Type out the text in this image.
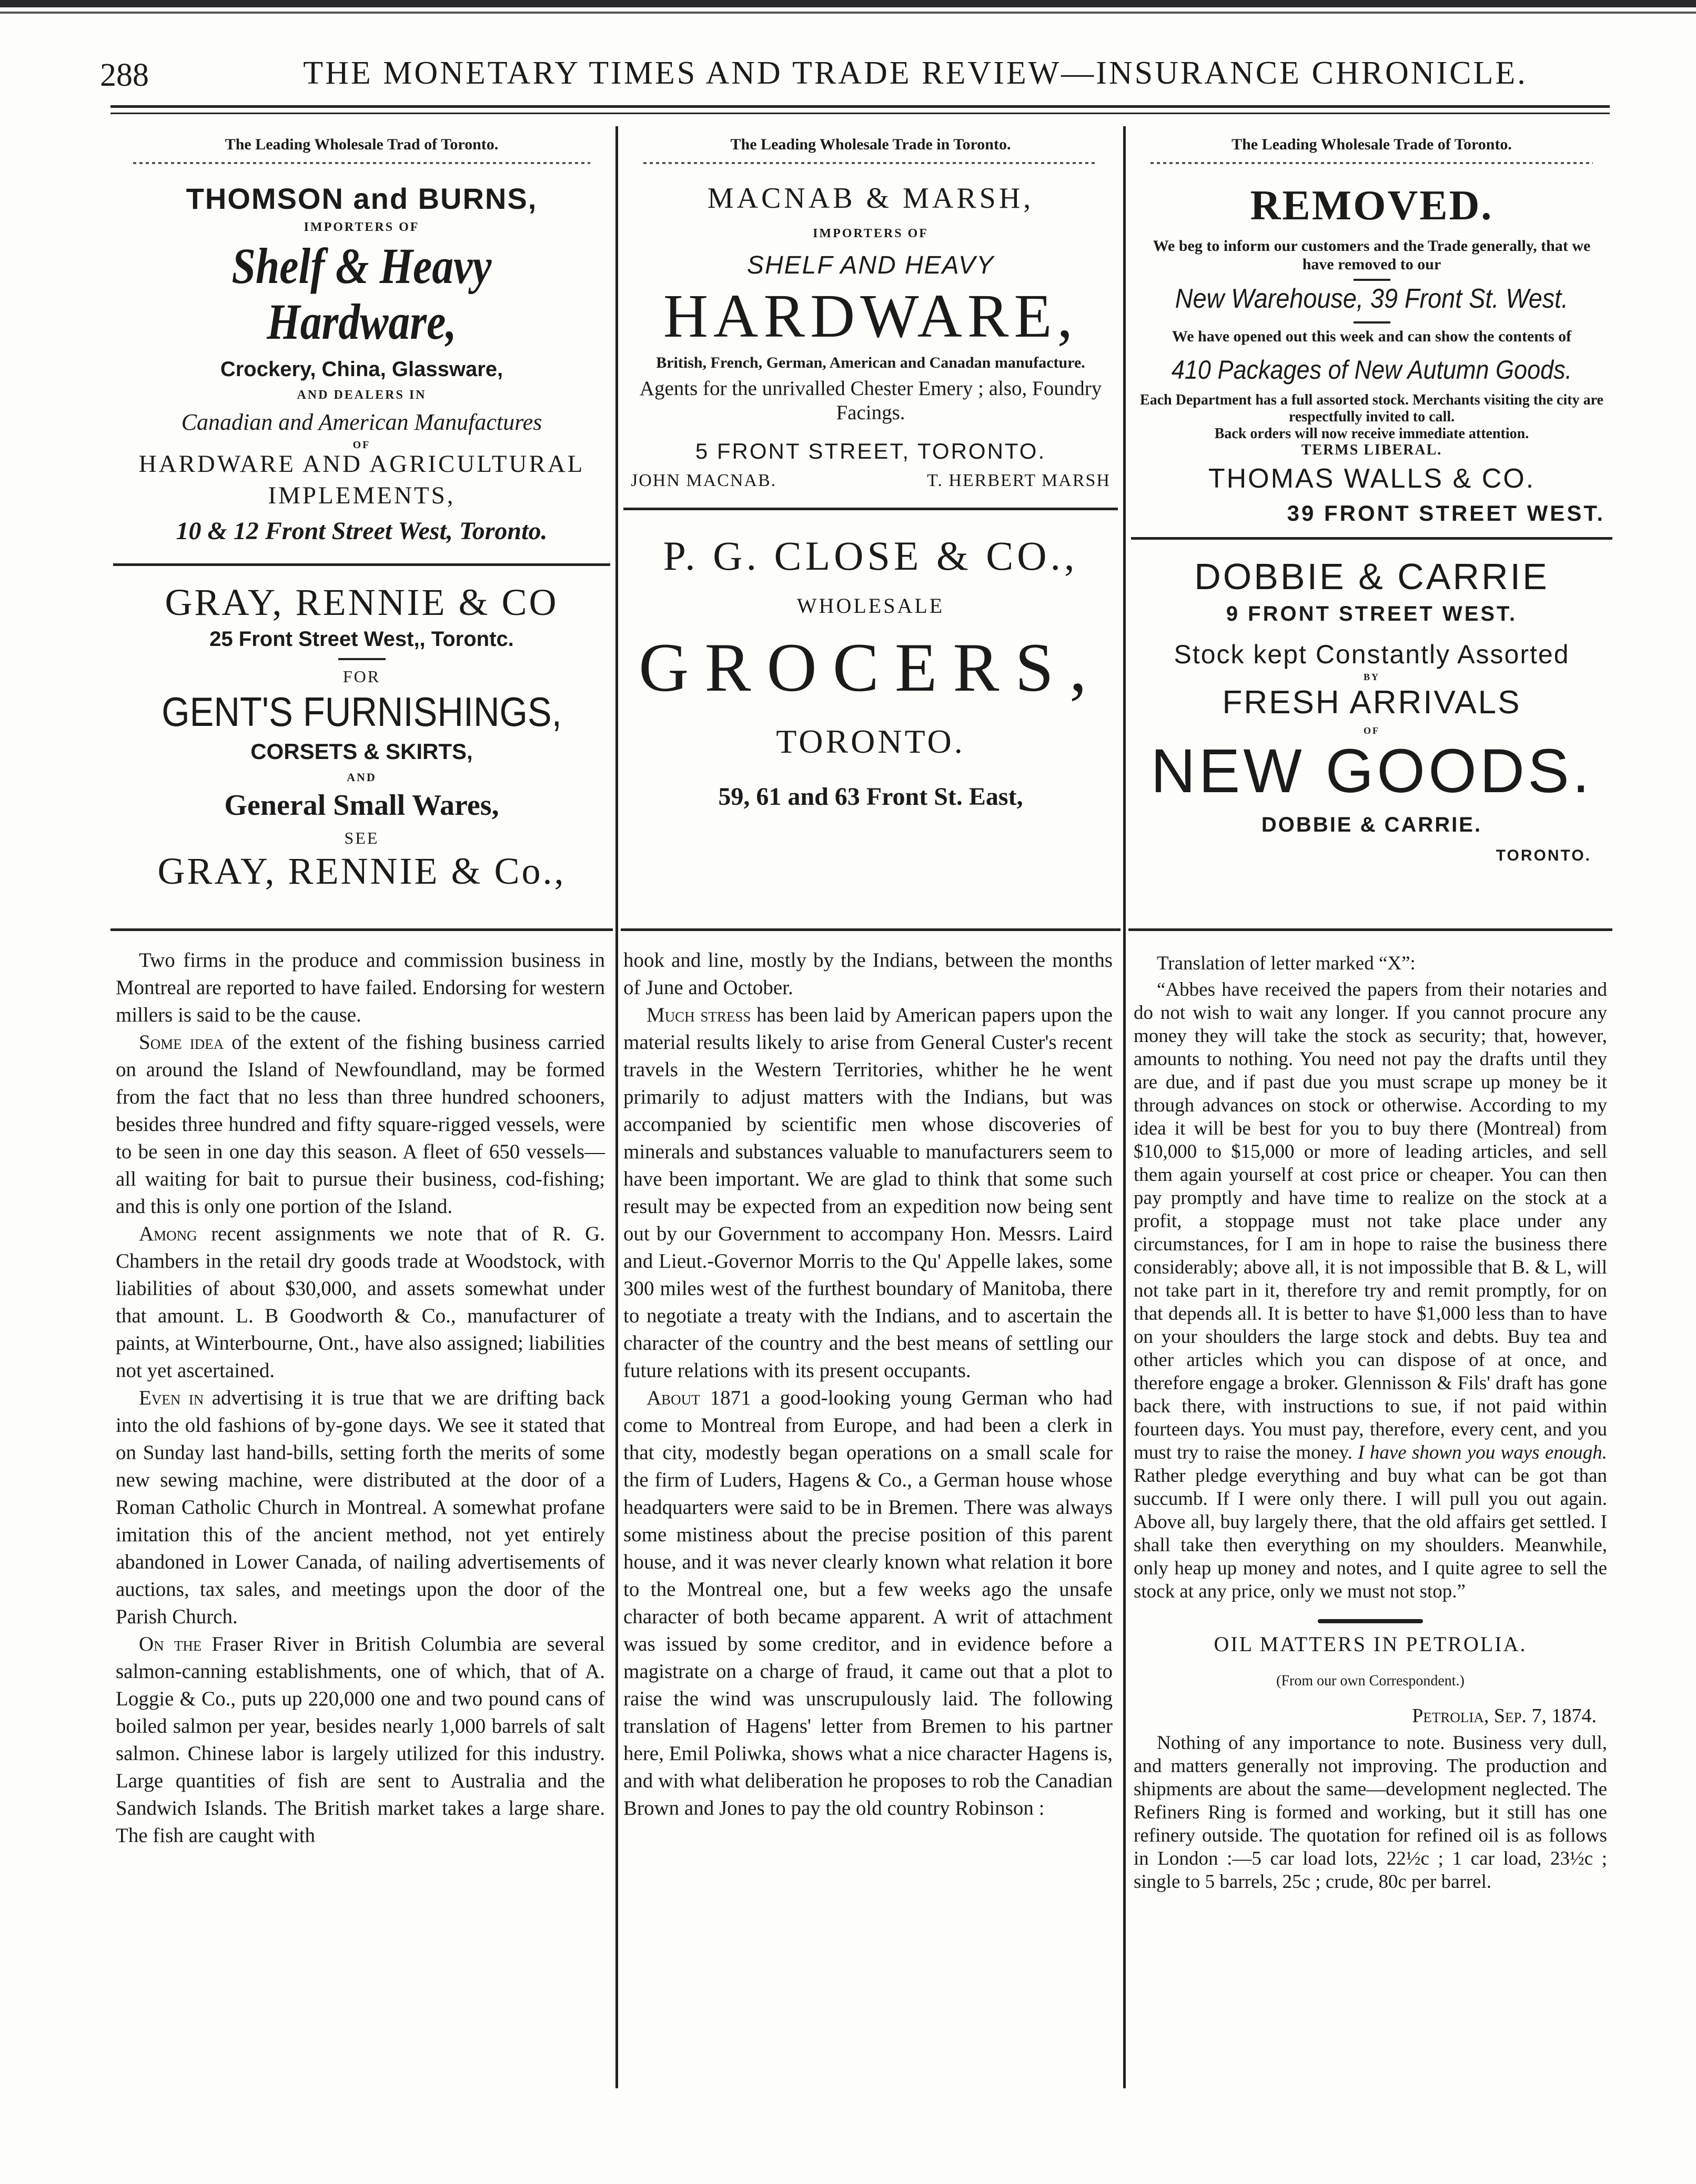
288	THE MONETARY TIMES AND TRADE REVIEW—INSURANCE CHRONICLE.
The Leading Wholesale Trad of Toronto.
THOMSON and BURNS,
IMPORTERS OF
Shelf & Heavy Hardware,
Crockery, China, Glassware,
AND DEALERS IN
Canadian and American Manufactures
OF
HARDWARE AND AGRICULTURAL
IMPLEMENTS,
10 & 12 Front Street West, Toronto.
GRAY, RENNIE & CO
25 Front Street West,, Torontc.
FOR
GENT'S FURNISHINGS,
CORSETS & SKIRTS,
AND
General Small Wares,
SEE
GRAY, RENNIE & Co.,
The Leading Wholesale Trade in Toronto.
MACNAB & MARSH,
IMPORTERS OF
SHELF AND HEAVY
HARDWARE,
British, French, German, American and Canadan manufacture.
Agents for the unrivalled Chester Emery ; also, Foundry Facings.
5 FRONT STREET, TORONTO.
JOHN MACNAB.	T. HERBERT MARSH
P. G. CLOSE & CO.,
WHOLESALE
GROCERS,
TORONTO.
59, 61 and 63 Front St. East,
The Leading Wholesale Trade of Toronto.
REMOVED.
We beg to inform our customers and the Trade generally, that we have removed to our
New Warehouse, 39 Front St. West.
We have opened out this week and can show the contents of
410 Packages of New Autumn Goods.
Each Department has a full assorted stock. Merchants visiting the city are respectfully invited to call.
Back orders will now receive immediate attention.
TERMS LIBERAL.
THOMAS WALLS & CO.
39 FRONT STREET WEST.
DOBBIE & CARRIE
9 FRONT STREET WEST.
Stock kept Constantly Assorted
BY
FRESH ARRIVALS
OF
NEW GOODS.
DOBBIE & CARRIE.
TORONTO.

Two firms in the produce and commission business in Montreal are reported to have failed. Endorsing for western millers is said to be the cause.

Some idea of the extent of the fishing business carried on around the Island of Newfoundland, may be formed from the fact that no less than three hundred schooners, besides three hundred and fifty square-rigged vessels, were to be seen in one day this season. A fleet of 650 vessels—all waiting for bait to pursue their business, cod-fishing; and this is only one portion of the Island.

Among recent assignments we note that of R. G. Chambers in the retail dry goods trade at Woodstock, with liabilities of about $30,000, and assets somewhat under that amount. L. B Goodworth & Co., manufacturer of paints, at Winterbourne, Ont., have also assigned; liabilities not yet ascertained.

Even in advertising it is true that we are drifting back into the old fashions of by-gone days. We see it stated that on Sunday last hand-bills, setting forth the merits of some new sewing machine, were distributed at the door of a Roman Catholic Church in Montreal. A somewhat profane imitation this of the ancient method, not yet entirely abandoned in Lower Canada, of nailing advertisements of auctions, tax sales, and meetings upon the door of the Parish Church.

On the Fraser River in British Columbia are several salmon-canning establishments, one of which, that of A. Loggie & Co., puts up 220,000 one and two pound cans of boiled salmon per year, besides nearly 1,000 barrels of salt salmon. Chinese labor is largely utilized for this industry. Large quantities of fish are sent to Australia and the Sandwich Islands. The British market takes a large share. The fish are caught with

hook and line, mostly by the Indians, between the months of June and October.

Much stress has been laid by American papers upon the material results likely to arise from General Custer's recent travels in the Western Territories, whither he he went primarily to adjust matters with the Indians, but was accompanied by scientific men whose discoveries of minerals and substances valuable to manufacturers seem to have been important. We are glad to think that some such result may be expected from an expedition now being sent out by our Government to accompany Hon. Messrs. Laird and Lieut.-Governor Morris to the Qu' Appelle lakes, some 300 miles west of the furthest boundary of Manitoba, there to negotiate a treaty with the Indians, and to ascertain the character of the country and the best means of settling our future relations with its present occupants.

About 1871 a good-looking young German who had come to Montreal from Europe, and had been a clerk in that city, modestly began operations on a small scale for the firm of Luders, Hagens & Co., a German house whose headquarters were said to be in Bremen. There was always some mistiness about the precise position of this parent house, and it was never clearly known what relation it bore to the Montreal one, but a few weeks ago the unsafe character of both became apparent. A writ of attachment was issued by some creditor, and in evidence before a magistrate on a charge of fraud, it came out that a plot to raise the wind was unscrupulously laid. The following translation of Hagens' letter from Bremen to his partner here, Emil Poliwka, shows what a nice character Hagens is, and with what deliberation he proposes to rob the Canadian Brown and Jones to pay the old country Robinson :

Translation of letter marked “X”:

“Abbes have received the papers from their notaries and do not wish to wait any longer. If you cannot procure any money they will take the stock as security; that, however, amounts to nothing. You need not pay the drafts until they are due, and if past due you must scrape up money be it through advances on stock or otherwise. According to my idea it will be best for you to buy there (Montreal) from $10,000 to $15,000 or more of leading articles, and sell them again yourself at cost price or cheaper. You can then pay promptly and have time to realize on the stock at a profit, a stoppage must not take place under any circumstances, for I am in hope to raise the business there considerably; above all, it is not impossible that B. & L, will not take part in it, therefore try and remit promptly, for on that depends all. It is better to have $1,000 less than to have on your shoulders the large stock and debts. Buy tea and other articles which you can dispose of at once, and therefore engage a broker. Glennisson & Fils' draft has gone back there, with instructions to sue, if not paid within fourteen days. You must pay, therefore, every cent, and you must try to raise the money. I have shown you ways enough. Rather pledge everything and buy what can be got than succumb. If I were only there. I will pull you out again. Above all, buy largely there, that the old affairs get settled. I shall take then everything on my shoulders. Meanwhile, only heap up money and notes, and I quite agree to sell the stock at any price, only we must not stop.”

OIL MATTERS IN PETROLIA.
(From our own Correspondent.)
Petrolia, Sep. 7, 1874.

Nothing of any importance to note. Business very dull, and matters generally not improving. The production and shipments are about the same—development neglected. The Refiners Ring is formed and working, but it still has one refinery outside. The quotation for refined oil is as follows in London :—5 car load lots, 22½c ; 1 car load, 23½c ; single to 5 barrels, 25c ; crude, 80c per barrel.
